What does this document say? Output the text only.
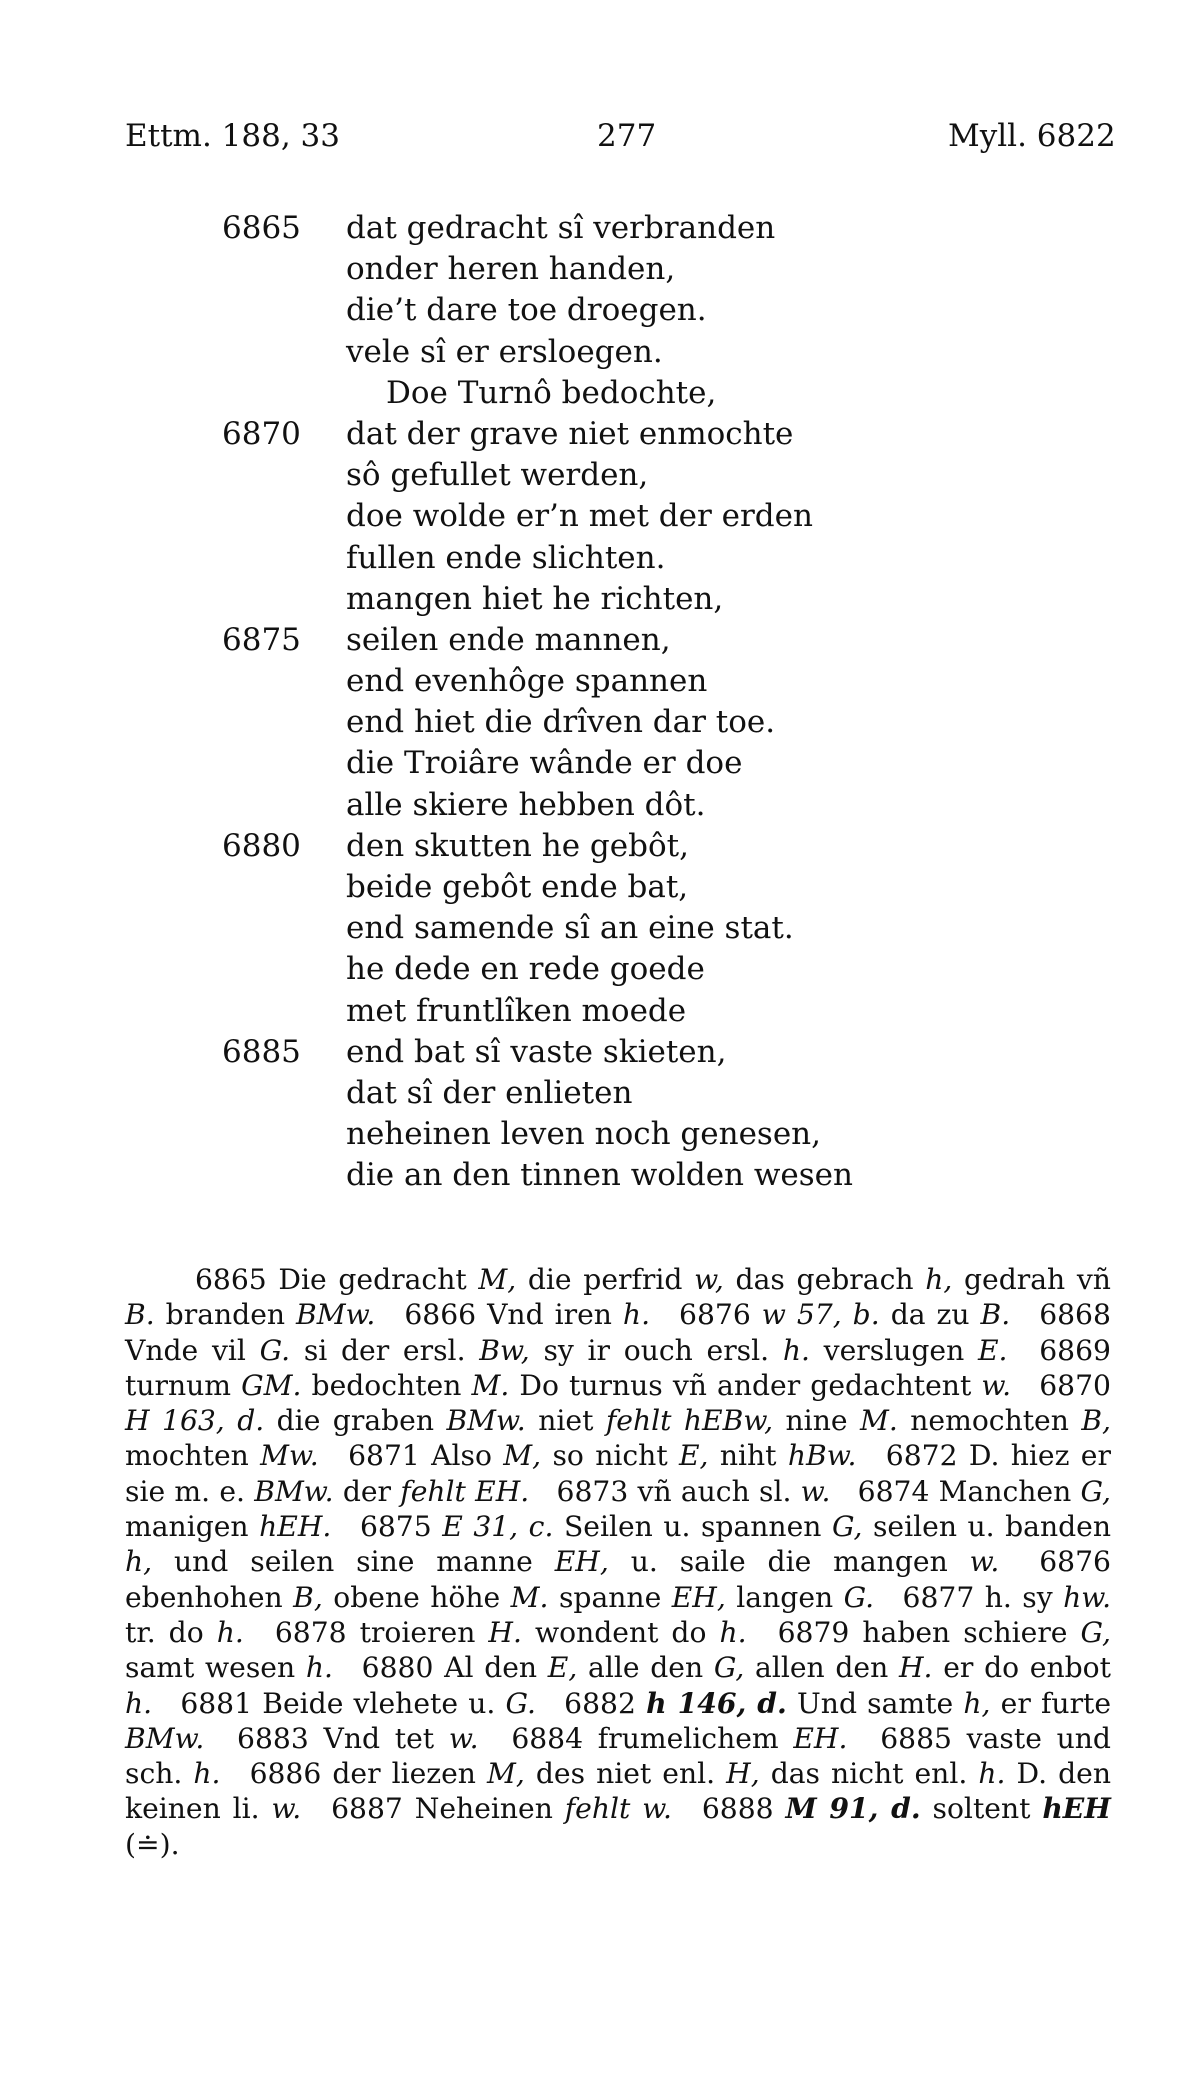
Ettm. 188, 33	277	Myll. 6822
6865 dat gedracht sî verbranden
onder heren handen,
die’t dare toe droegen.
vele sî er ersloegen.
Doe Turnô bedochte,
6870 dat der grave niet enmochte
sô gefullet werden,
doe wolde er’n met der erden
fullen ende slichten.
mangen hiet he richten,
6875 seilen ende mannen,
end evenhôge spannen
end hiet die drîven dar toe.
die Troiâre wânde er doe
alle skiere hebben dôt.
6880 den skutten he gebôt,
beide gebôt ende bat,
end samende sî an eine stat.
he dede en rede goede
met fruntlîken moede
6885 end bat sî vaste skieten,
dat sî der enlieten
neheinen leven noch genesen,
die an den tinnen wolden wesen

6865 Die gedracht M, die perfrid w, das gebrach h, gedrah vñ B. branden BMw. 6866 Vnd iren h. 6876 w 57, b. da zu B. 6868 Vnde vil G. si der ersl. Bw, sy ir ouch ersl. h. verslugen E. 6869 turnum GM. bedochten M. Do turnus vñ ander gedachtent w. 6870 H 163, d. die graben BMw. niet fehlt hEBw, nine M. nemochten B, mochten Mw. 6871 Also M, so nicht E, niht hBw. 6872 D. hiez er sie m. e. BMw. der fehlt EH. 6873 vñ auch sl. w. 6874 Manchen G, manigen hEH. 6875 E 31, c. Seilen u. spannen G, seilen u. banden h, und seilen sine manne EH, u. saile die mangen w. 6876 ebenhohen B, obene höhe M. spanne EH, langen G. 6877 h. sy hw. tr. do h. 6878 troieren H. wondent do h. 6879 haben schiere G, samt wesen h. 6880 Al den E, alle den G, allen den H. er do enbot h. 6881 Beide vlehete u. G. 6882 h 146, d. Und samte h, er furte BMw. 6883 Vnd tet w. 6884 frumelichem EH. 6885 vaste und sch. h. 6886 der liezen M, des niet enl. H, das nicht enl. h. D. den keinen li. w. 6887 Neheinen fehlt w. 6888 M 91, d. soltent hEH (≐).
